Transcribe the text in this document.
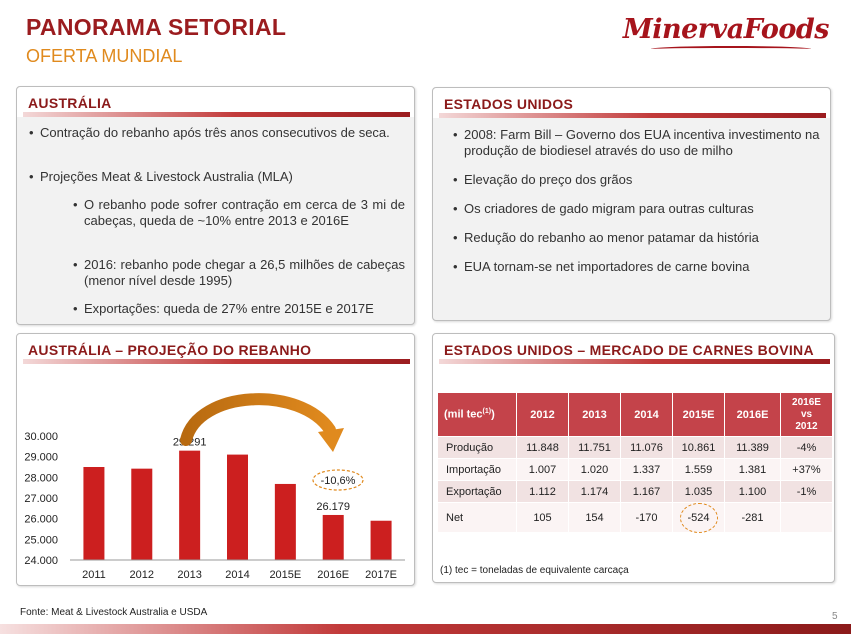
PANORAMA SETORIAL
OFERTA MUNDIAL
MinervaFoods
AUSTRÁLIA
• Contração do rebanho após três anos consecutivos de seca.
• Projeções Meat & Livestock Australia (MLA)
• O rebanho pode sofrer contração em cerca de 3 mi de cabeças, queda de ~10% entre 2013 e 2016E
• 2016: rebanho pode chegar a 26,5 milhões de cabeças (menor nível desde 1995)
• Exportações: queda de 27% entre 2015E e 2017E
ESTADOS UNIDOS
• 2008: Farm Bill – Governo dos EUA incentiva investimento na produção de biodiesel através do uso de milho
• Elevação do preço dos grãos
• Os criadores de gado migram para outras culturas
• Redução do rebanho ao menor patamar da história
• EUA tornam-se net importadores de carne bovina
AUSTRÁLIA – PROJEÇÃO DO REBANHO
24.000
25.000
26.000
27.000
28.000
29.000
30.000
2011 2012 2013 2014 2015E 2016E 2017E
29.291
26.179
-10,6%
ESTADOS UNIDOS – MERCADO DE CARNES BOVINA
(mil tec$^{(1)}$)	2012	2013	2014	2015E	2016E	2016E
vs
2012
Produção	11.848	11.751	11.076	10.861	11.389	-4%
Importação	1.007	1.020	1.337	1.559	1.381	+37%
Exportação	1.112	1.174	1.167	1.035	1.100	-1%
Net	105	154	-170	-524	-281	
(1) tec = toneladas de equivalente carcaça
Fonte: Meat & Livestock Australia e USDA	5
